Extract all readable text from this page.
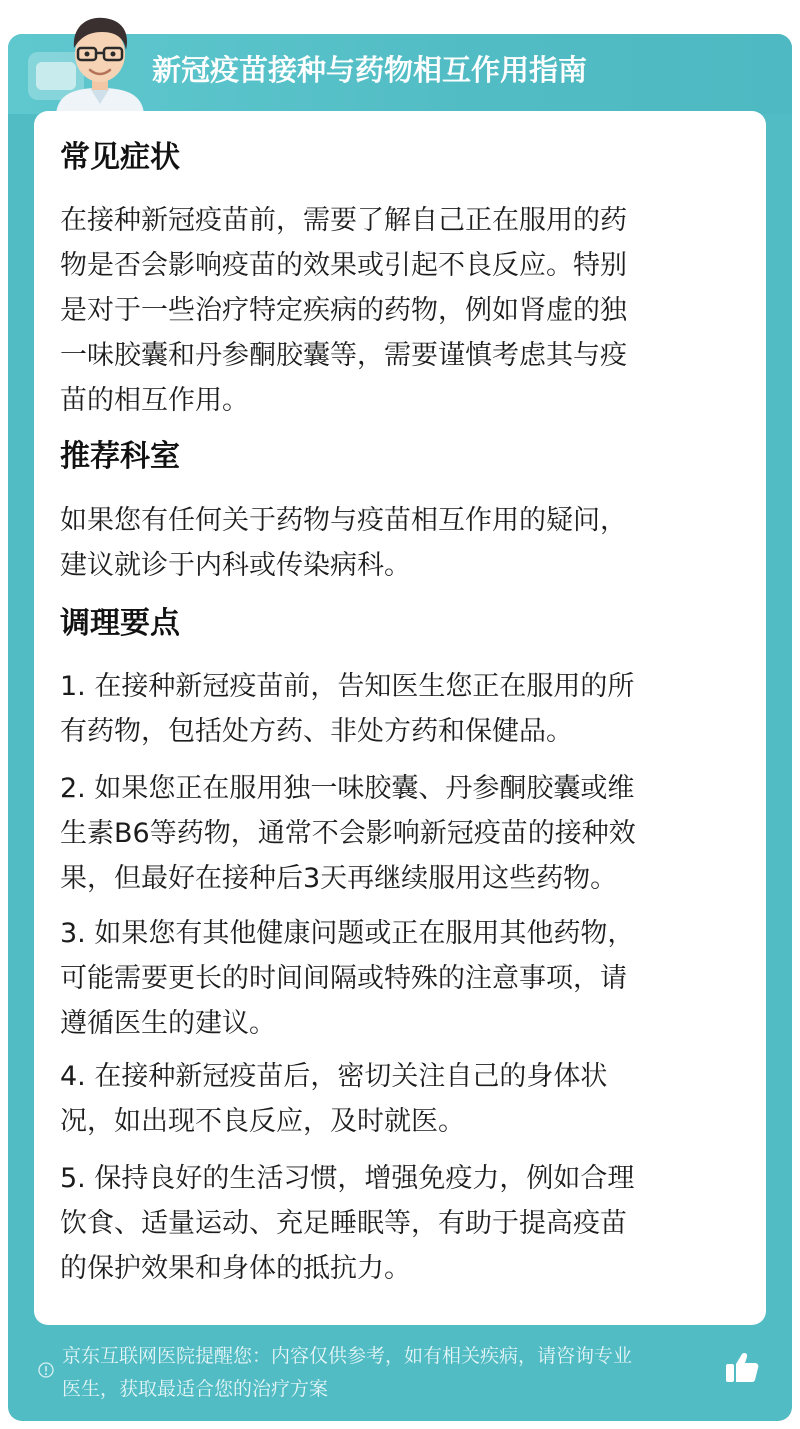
新冠疫苗接种与药物相互作用指南
常见症状
在接种新冠疫苗前，需要了解自己正在服用的药
物是否会影响疫苗的效果或引起不良反应。特别
是对于一些治疗特定疾病的药物，例如肾虚的独
一味胶囊和丹参酮胶囊等，需要谨慎考虑其与疫
苗的相互作用。
推荐科室
如果您有任何关于药物与疫苗相互作用的疑问，
建议就诊于内科或传染病科。
调理要点
1. 在接种新冠疫苗前，告知医生您正在服用的所
有药物，包括处方药、非处方药和保健品。
2. 如果您正在服用独一味胶囊、丹参酮胶囊或维
生素B6等药物，通常不会影响新冠疫苗的接种效
果，但最好在接种后3天再继续服用这些药物。
3. 如果您有其他健康问题或正在服用其他药物，
可能需要更长的时间间隔或特殊的注意事项，请
遵循医生的建议。
4. 在接种新冠疫苗后，密切关注自己的身体状
况，如出现不良反应，及时就医。
5. 保持良好的生活习惯，增强免疫力，例如合理
饮食、适量运动、充足睡眠等，有助于提高疫苗
的保护效果和身体的抵抗力。
京东互联网医院提醒您：内容仅供参考，如有相关疾病，请咨询专业
医生，获取最适合您的治疗方案
